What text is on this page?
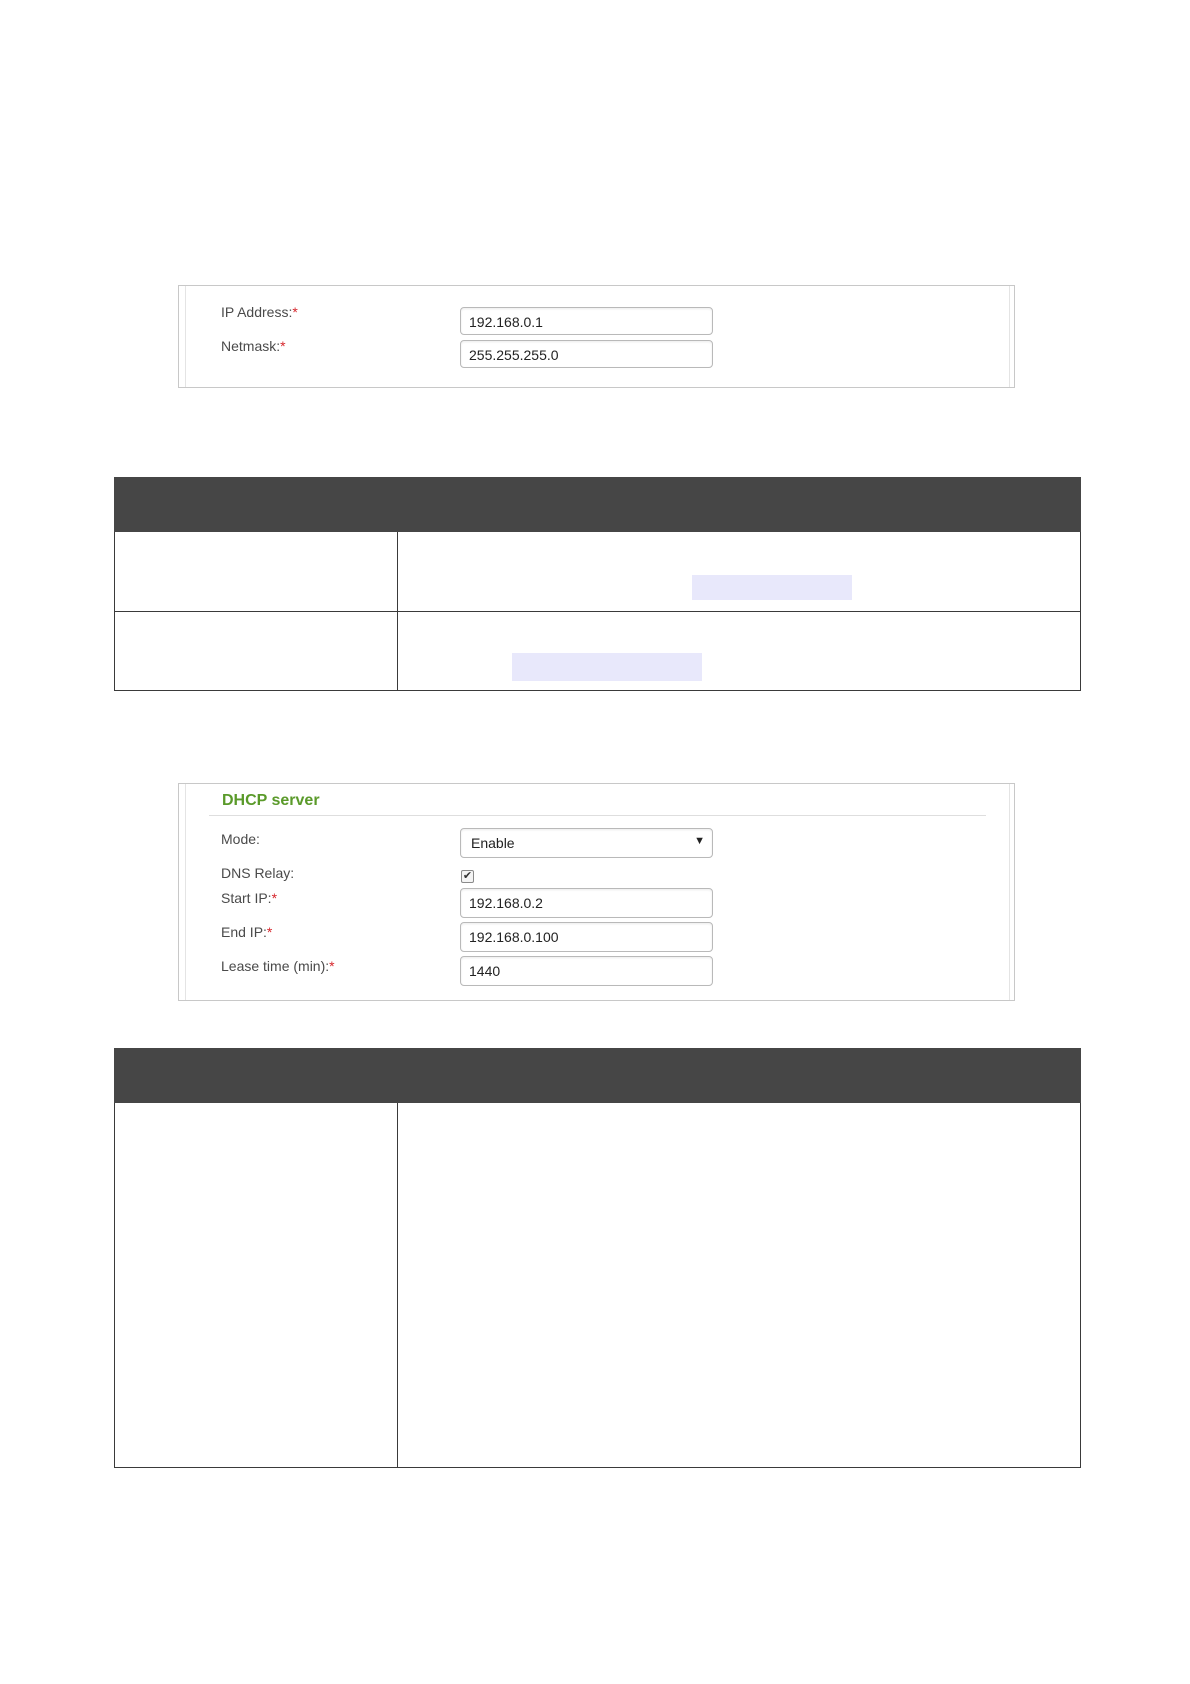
IP Address:*
192.168.0.1
Netmask:*
255.255.255.0

DHCP server
Mode:	Enable	▼
DNS Relay:	✔
Start IP:*	192.168.0.2
End IP:*	192.168.0.100
Lease time (min):*	1440
